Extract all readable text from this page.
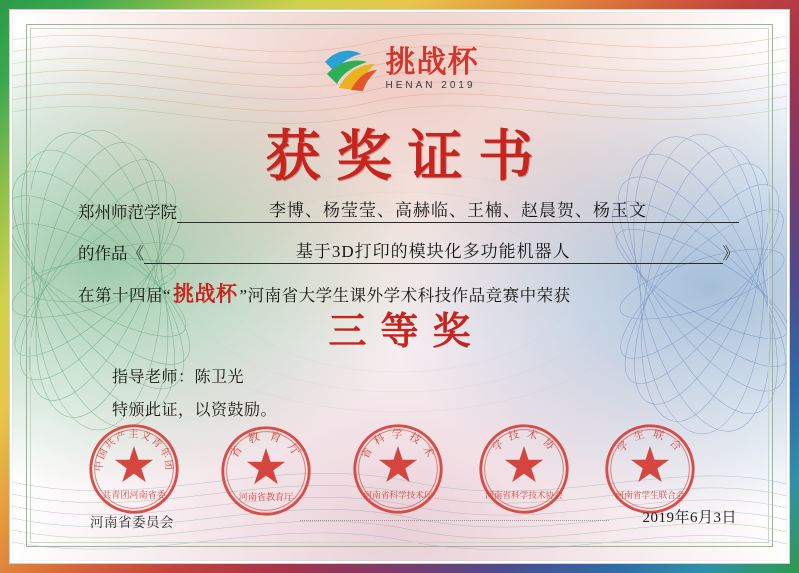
挑战杯
HENAN 2019
获奖证书
郑州师范学院	李博、杨莹莹、高赫临、王楠、赵晨贺、杨玉文
的作品《	基于3D打印的模块化多功能机器人	》
在第十四届“挑战杯 ”河南省大学生课外学术科技作品竞赛中荣获
三等奖
指导老师：陈卫光
特颁此证，以资鼓励。
中国共产主义青年团
共青团河南省委
省 教 育 厅
河南省教育厅
省 科 学 技 术
河南省科学技术厅
学 技 术 协
河南省科学技术协会
学 生 联 合
河南省学生联合会
河南省委员会	2019年6月3日
